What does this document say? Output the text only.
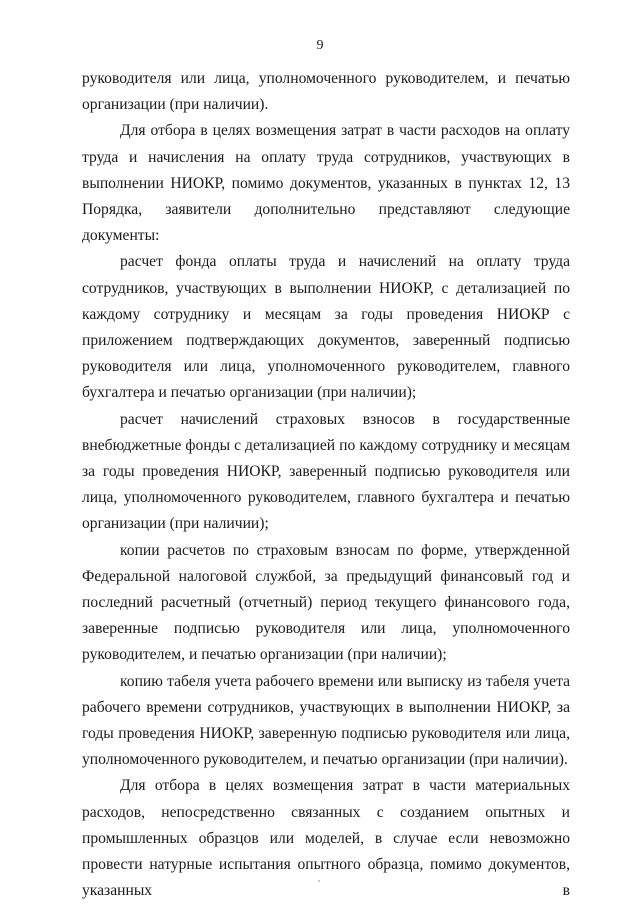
9

руководителя или лица, уполномоченного руководителем, и печатью организации (при наличии).

Для отбора в целях возмещения затрат в части расходов на оплату труда и начисления на оплату труда сотрудников, участвующих в выполнении НИОКР, помимо документов, указанных в пунктах 12, 13 Порядка, заявители дополнительно представляют следующие документы:

расчет фонда оплаты труда и начислений на оплату труда сотрудников, участвующих в выполнении НИОКР, с детализацией по каждому сотруднику и месяцам за годы проведения НИОКР с приложением подтверждающих документов, заверенный подписью руководителя или лица, уполномоченного руководителем, главного бухгалтера и печатью организации (при наличии);

расчет начислений страховых взносов в государственные внебюджетные фонды с детализацией по каждому сотруднику и месяцам за годы проведения НИОКР, заверенный подписью руководителя или лица, уполномоченного руководителем, главного бухгалтера и печатью организации (при наличии);

копии расчетов по страховым взносам по форме, утвержденной Федеральной налоговой службой, за предыдущий финансовый год и последний расчетный (отчетный) период текущего финансового года, заверенные подписью руководителя или лица, уполномоченного руководителем, и печатью организации (при наличии);

копию табеля учета рабочего времени или выписку из табеля учета рабочего времени сотрудников, участвующих в выполнении НИОКР, за годы проведения НИОКР, заверенную подписью руководителя или лица, уполномоченного руководителем, и печатью организации (при наличии).

Для отбора в целях возмещения затрат в части материальных расходов, непосредственно связанных с созданием опытных и промышленных образцов или моделей, в случае если невозможно провести натурные испытания опытного образца, помимо документов, указанных в
